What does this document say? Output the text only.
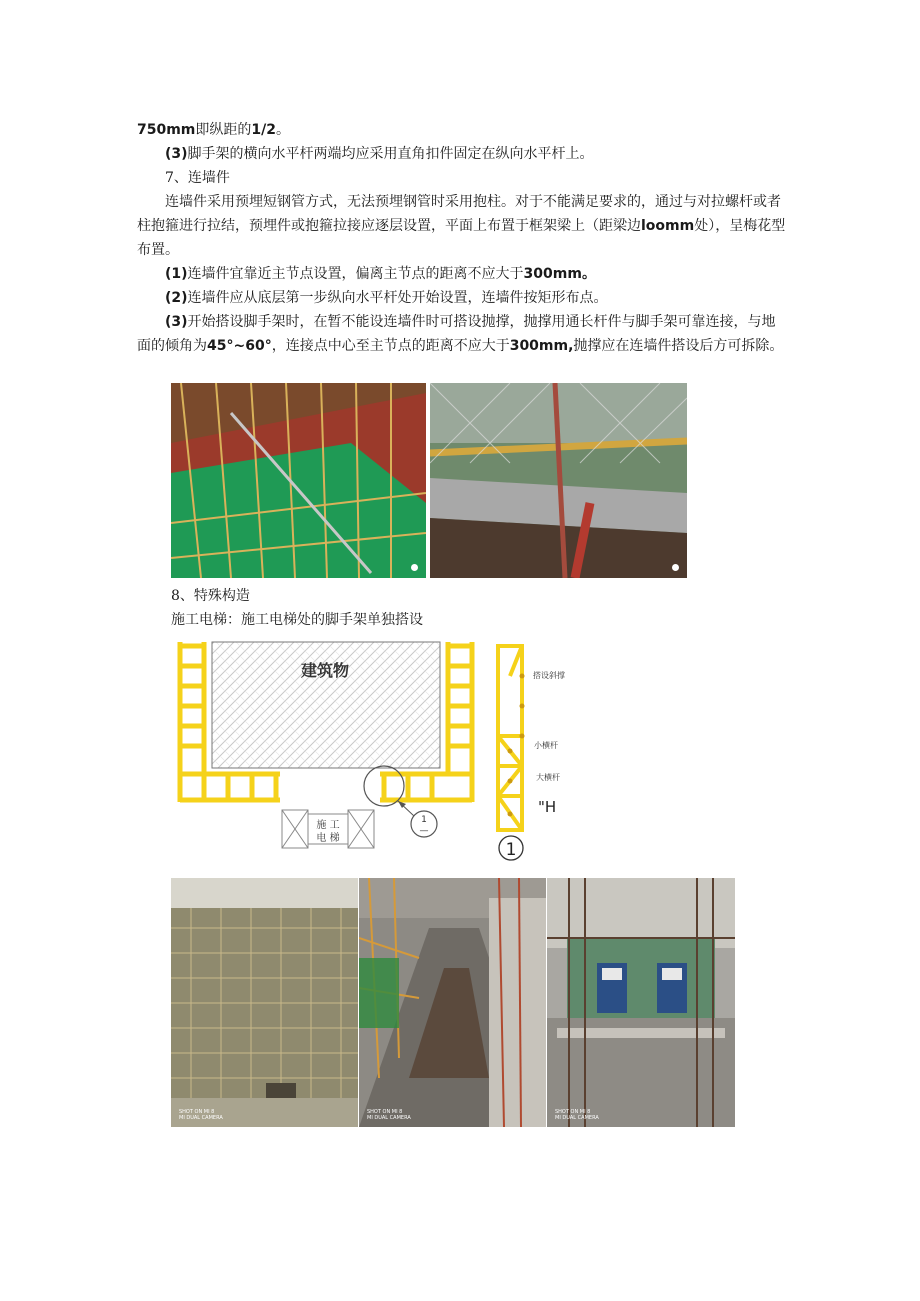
750mm即纵距的1/2。

(3)脚手架的横向水平杆两端均应采用直角扣件固定在纵向水平杆上。

7、连墙件

连墙件采用预埋短钢管方式，无法预埋钢管时采用抱柱。对于不能满足要求的，通过与对拉螺杆或者柱抱箍进行拉结，预埋件或抱箍拉接应逐层设置，平面上布置于框架梁上（距梁边loomm处），呈梅花型布置。

(1)连墙件宜靠近主节点设置，偏离主节点的距离不应大于300mm。

(2)连墙件应从底层第一步纵向水平杆处开始设置，连墙件按矩形布点。

(3)开始搭设脚手架时，在暂不能设连墙件时可搭设抛撑，抛撑用通长杆件与脚手架可靠连接，与地面的倾角为45°~60°，连接点中心至主节点的距离不应大于300mm,抛撑应在连墙件搭设后方可拆除。

8、特殊构造

施工电梯：施工电梯处的脚手架单独搭设

建筑物
施 工
电 梯
1
—
搭设斜撑
小横杆
大横杆
"H
1
SHOT ON MI 8
MI DUAL CAMERA
SHOT ON MI 8
MI DUAL CAMERA
SHOT ON MI 8
MI DUAL CAMERA
